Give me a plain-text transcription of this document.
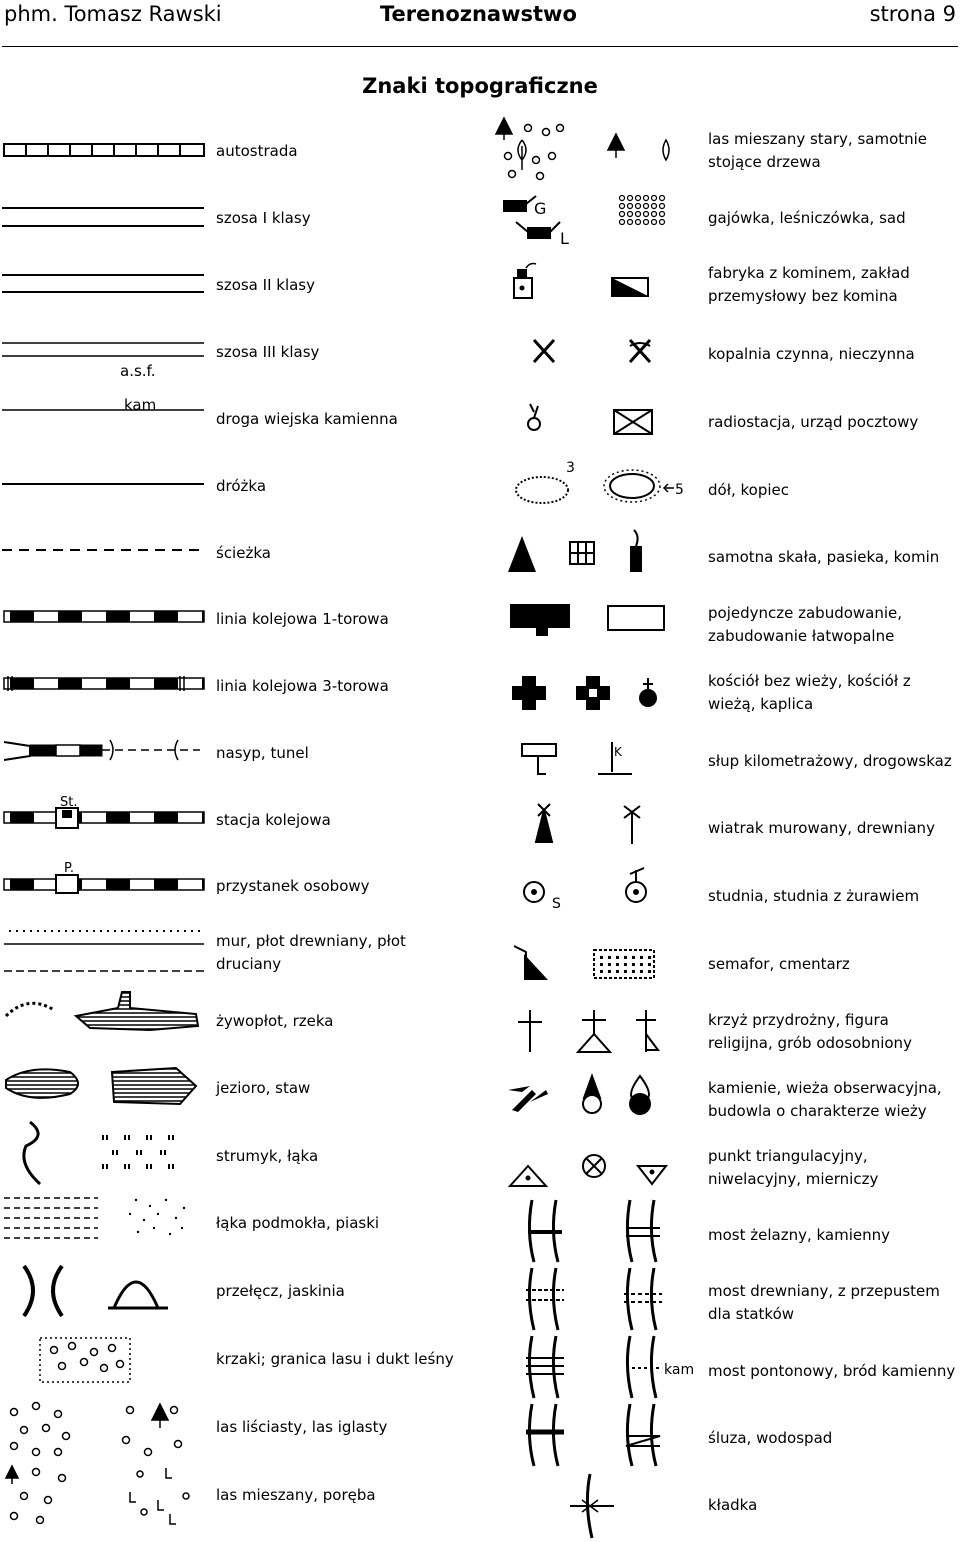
phm. Tomasz Rawski	Terenoznawstwo	strona 9
Znaki topograficzne
autostrada
szosa I klasy
szosa II klasy
szosa III klasy
droga wiejska kamienna
dróżka
ścieżka
linia kolejowa 1-torowa
linia kolejowa 3-torowa
nasyp, tunel
stacja kolejowa
przystanek osobowy
mur, płot drewniany, płot druciany
żywopłot, rzeka
jezioro, staw
strumyk, łąka
łąka podmokła, piaski
przełęcz, jaskinia
krzaki; granica lasu i dukt leśny
las liściasty, las iglasty
las mieszany, poręba
las mieszany stary, samotnie stojące drzewa
gajówka, leśniczówka, sad
fabryka z kominem, zakład przemysłowy bez komina
kopalnia czynna, nieczynna
radiostacja, urząd pocztowy
dół, kopiec
samotna skała, pasieka, komin
pojedyncze zabudowanie, zabudowanie łatwopalne
kościół bez wieży, kościół z wieżą, kaplica
słup kilometrażowy, drogowskaz
wiatrak murowany, drewniany
studnia, studnia z żurawiem
semafor, cmentarz
krzyż przydrożny, figura religijna, grób odosobniony
kamienie, wieża obserwacyjna, budowla o charakterze wieży
punkt triangulacyjny, niwelacyjny, mierniczy
most żelazny, kamienny
most drewniany, z przepustem dla statków
most pontonowy, bród kamienny
śluza, wodospad
kładka
a.s.f.
kam
St.
P.
G
L
3
5
K
S
kam
